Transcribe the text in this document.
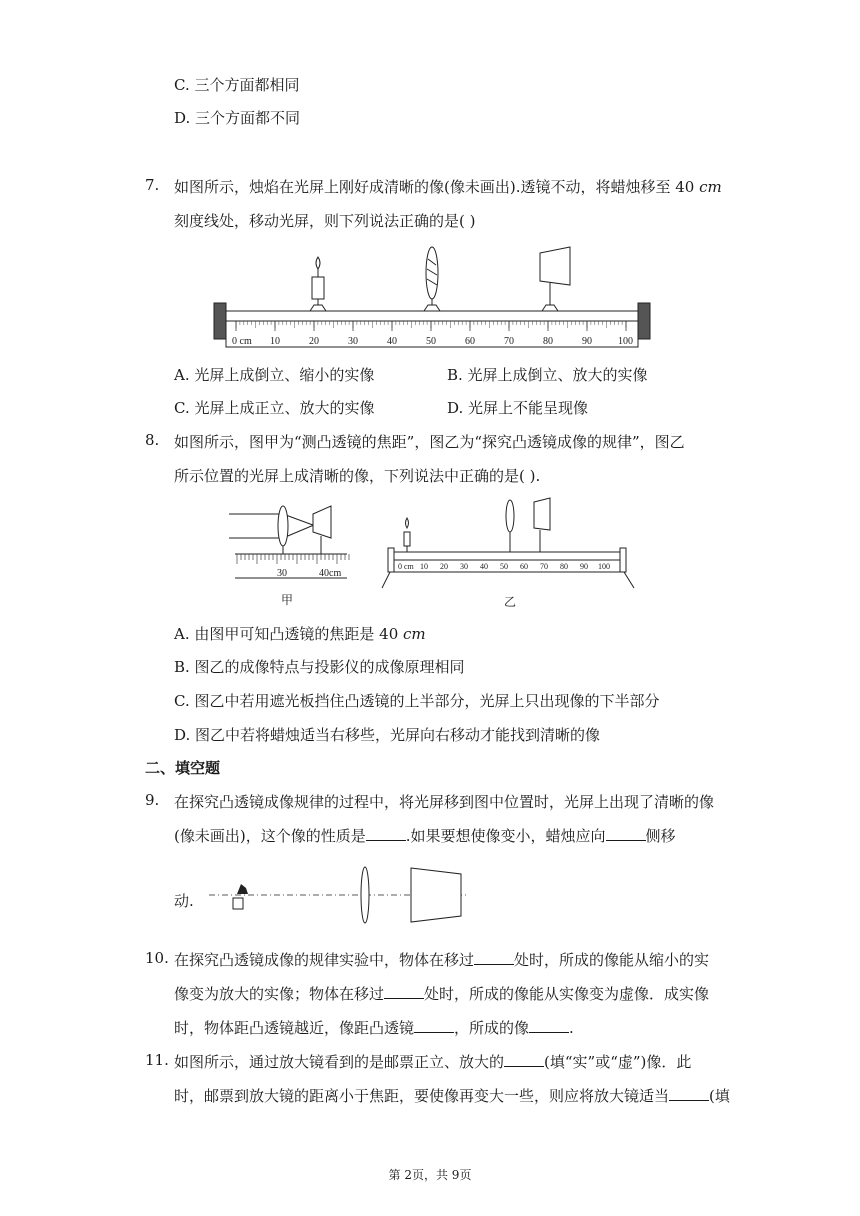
C. 三个方面都相同
D. 三个方面都不同
7. 如图所示，烛焰在光屏上刚好成清晰的像(像未画出).透镜不动，将蜡烛移至 40 cm
刻度线处，移动光屏，则下列说法正确的是( )
0 cm 10	20	30	40	50	60	70	80	90	100
A. 光屏上成倒立、缩小的实像	B. 光屏上成倒立、放大的实像
C. 光屏上成正立、放大的实像	D. 光屏上不能呈现像
8. 如图所示，图甲为“测凸透镜的焦距”，图乙为“探究凸透镜成像的规律”，图乙
所示位置的光屏上成清晰的像，下列说法中正确的是( ).
30	40cm
甲
0 cm 10 20 30 40 50 60 70 80 90 100
乙
A. 由图甲可知凸透镜的焦距是 40 cm
B. 图乙的成像特点与投影仪的成像原理相同
C. 图乙中若用遮光板挡住凸透镜的上半部分，光屏上只出现像的下半部分
D. 图乙中若将蜡烛适当右移些，光屏向右移动才能找到清晰的像
二、填空题
9. 在探究凸透镜成像规律的过程中，将光屏移到图中位置时，光屏上出现了清晰的像
(像未画出)，这个像的性质是	.如果要想使像变小，蜡烛应向	侧移
动.
10. 在探究凸透镜成像的规律实验中，物体在移过	处时，所成的像能从缩小的实
像变为放大的实像；物体在移过	处时，所成的像能从实像变为虚像．成实像
时，物体距凸透镜越近，像距凸透镜	，所成的像	.
11. 如图所示，通过放大镜看到的是邮票正立、放大的	(填“实”或“虚”)像．此
时，邮票到放大镜的距离小于焦距，要使像再变大一些，则应将放大镜适当	(填
第 2页，共 9页
